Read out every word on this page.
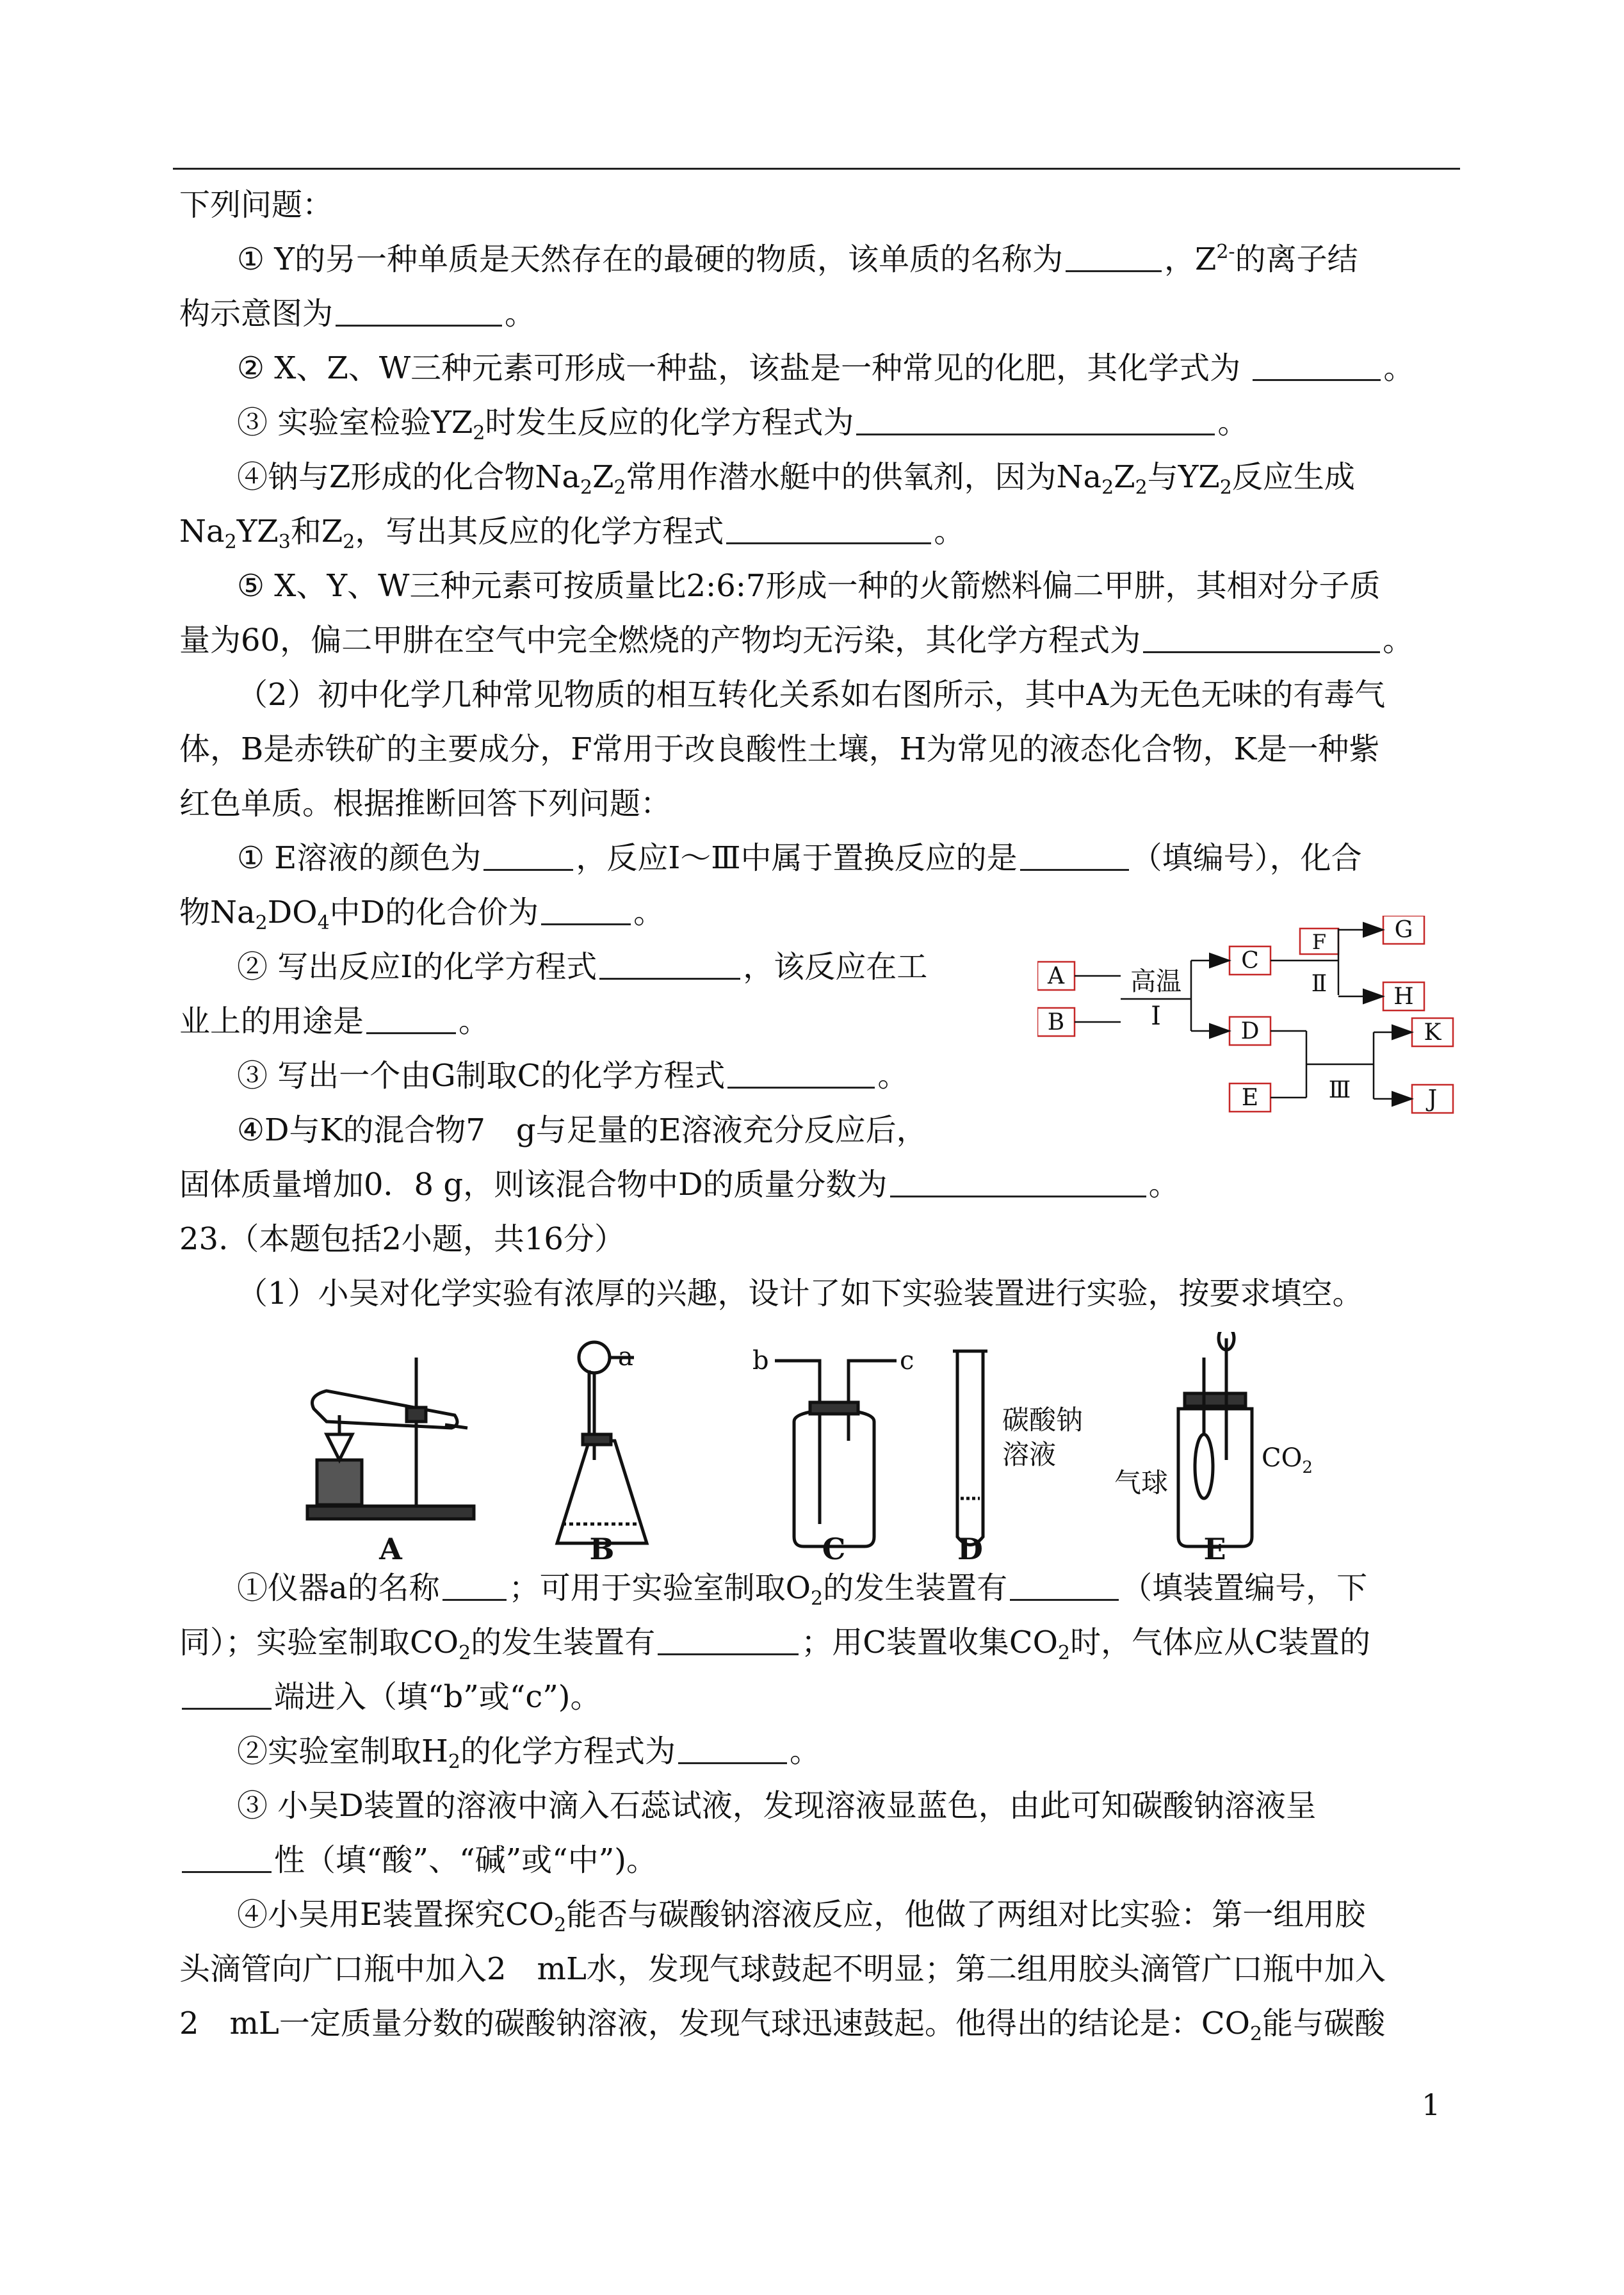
下列问题：
① Y的另一种单质是天然存在的最硬的物质，该单质的名称为	，$Z^{2-}$的离子结
构示意图为	。
② X、Z、W三种元素可形成一种盐，该盐是一种常见的化肥，其化学式为	。
③ 实验室检验$YZ_2$时发生反应的化学方程式为	。
④钠与Z形成的化合物$Na_2Z_2$常用作潜水艇中的供氧剂，因为$Na_2Z_2$与$YZ_2$反应生成
$Na_2YZ_3$和$Z_2$，写出其反应的化学方程式	。
⑤ X、Y、W三种元素可按质量比2:6:7形成一种的火箭燃料偏二甲肼，其相对分子质
量为60，偏二甲肼在空气中完全燃烧的产物均无污染，其化学方程式为	。
（2）初中化学几种常见物质的相互转化关系如右图所示，其中A为无色无味的有毒气
体，B是赤铁矿的主要成分，F常用于改良酸性土壤，H为常见的液态化合物，K是一种紫
红色单质。根据推断回答下列问题：
① E溶液的颜色为	，反应Ⅰ～Ⅲ中属于置换反应的是	（填编号），化合
物$Na_2DO_4$中D的化合价为	。
② 写出反应Ⅰ的化学方程式	，该反应在工
业上的用途是	。
③ 写出一个由G制取C的化学方程式	。
④D与K的混合物7　g与足量的E溶液充分反应后，
固体质量增加0．8 g，则该混合物中D的质量分数为	。
23.（本题包括2小题，共16分）
（1）小吴对化学实验有浓厚的兴趣，设计了如下实验装置进行实验，按要求填空。
A
B
C
F	G
H
D
E
K
J
高温
I
Ⅱ
Ⅲ
a	b	c
碳酸钠
溶液
气球
$CO_2$
A	B	C	D	E
①仪器a的名称 ；可用于实验室制取$O_2$的发生装置有	（填装置编号，下
同）；实验室制取$CO_2$的发生装置有	；用C装置收集$CO_2$时，气体应从C装置的
端进入（填“b”或“c”)。
②实验室制取$H_2$的化学方程式为	。
③ 小吴D装置的溶液中滴入石蕊试液，发现溶液显蓝色，由此可知碳酸钠溶液呈
性（填“酸”、“碱”或“中”)。
④小吴用E装置探究$CO_2$能否与碳酸钠溶液反应，他做了两组对比实验：第一组用胶
头滴管向广口瓶中加入2　mL水，发现气球鼓起不明显；第二组用胶头滴管广口瓶中加入
2　mL一定质量分数的碳酸钠溶液，发现气球迅速鼓起。他得出的结论是：$CO_2$能与碳酸
1
